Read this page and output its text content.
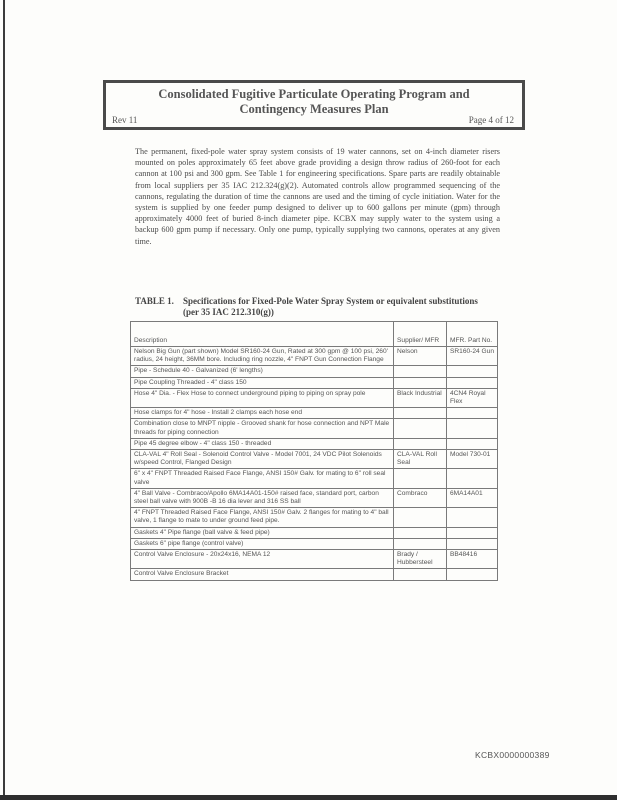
Consolidated Fugitive Particulate Operating Program and
Contingency Measures Plan
Rev 11	Page 4 of 12
The permanent, fixed-pole water spray system consists of 19 water cannons, set on 4-inch diameter risers mounted on poles approximately 65 feet above grade providing a design throw radius of 260-foot for each cannon at 100 psi and 300 gpm. See Table 1 for engineering specifications. Spare parts are readily obtainable from local suppliers per 35 IAC 212.324(g)(2). Automated controls allow programmed sequencing of the cannons, regulating the duration of time the cannons are used and the timing of cycle initiation. Water for the system is supplied by one feeder pump designed to deliver up to 600 gallons per minute (gpm) through approximately 4000 feet of buried 8-inch diameter pipe. KCBX may supply water to the system using a backup 600 gpm pump if necessary. Only one pump, typically supplying two cannons, operates at any given time.
TABLE 1. Specifications for Fixed-Pole Water Spray System or equivalent substitutions (per 35 IAC 212.310(g))
Description	Supplier/ MFR	MFR. Part No.
Nelson Big Gun (part shown) Model SR160-24 Gun, Rated at 300 gpm @ 100 psi, 260' radius, 24 height, 36MM bore. Including ring nozzle, 4" FNPT Gun Connection Flange	Nelson	SR160-24 Gun
Pipe - Schedule 40 - Galvanized (6' lengths)		
Pipe Coupling Threaded - 4" class 150		
Hose 4" Dia. - Flex Hose to connect underground piping to piping on spray pole	Black Industrial	4CN4 Royal Flex
Hose clamps for 4" hose - Install 2 clamps each hose end		
Combination close to MNPT nipple - Grooved shank for hose connection and NPT Male threads for piping connection		
Pipe 45 degree elbow - 4" class 150 - threaded		
CLA-VAL 4" Roll Seal - Solenoid Control Valve - Model 7001, 24 VDC Pilot Solenoids w/speed Control, Flanged Design	CLA-VAL Roll Seal	Model 730-01
6" x 4" FNPT Threaded Raised Face Flange, ANSI 150# Galv. for mating to 6" roll seal valve		
4" Ball Valve - Combraco/Apollo 6MA14A01-150# raised face, standard port, carbon steel ball valve with 900B -B 16 dia lever and 316 SS ball	Combraco	6MA14A01
4" FNPT Threaded Raised Face Flange, ANSI 150# Galv. 2 flanges for mating to 4" ball valve, 1 flange to mate to under ground feed pipe.		
Gaskets 4" Pipe flange (ball valve & feed pipe)		
Gaskets 6" pipe flange (control valve)		
Control Valve Enclosure - 20x24x16, NEMA 12	Brady / Hubbersteel	BB48416
Control Valve Enclosure Bracket		
KCBX0000000389
